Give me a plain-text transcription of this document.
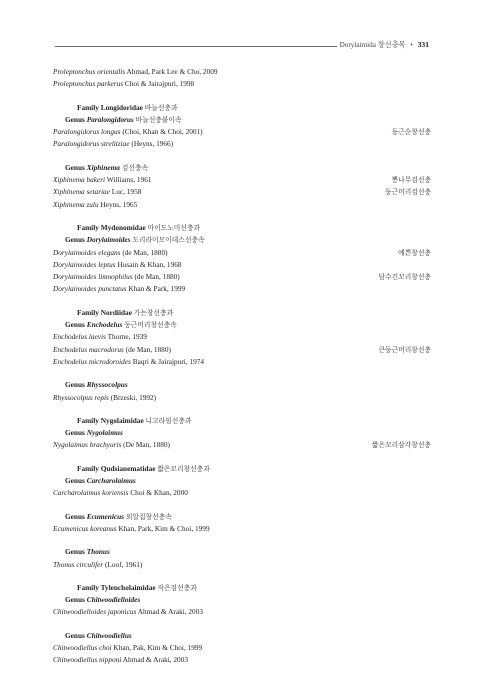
Dorylaimida 창선충목 • 331
Proleptonchus orientalis Ahmad, Park Lee & Cho, 2009
Proleptonchus parkerus Choi & Jairajpuri, 1998
Family Longidoridae 바늘선충과
Genus Paralongidorus 바늘선충붙이속
Paralongidorus longus (Choi, Khan & Choi, 2001)	둥근순창선충
Paralongidorus strelitziae (Heyns, 1966)
Genus Xiphinema 검선충속
Xiphinema bakeri Williams, 1961	뽕나무검선충
Xiphinema setariae Luc, 1958	둥근머리검선충
Xiphinema zulu Heyns, 1965
Family Mydonomidae 마이도노미선충과
Genus Dorylaimoides 도리라이모이데스선충속
Dorylaimoides elegans (de Man, 1880)	예쁜창선충
Dorylaimoides leptus Husain & Khan, 1968
Dorylaimoides limnophilus (de Man, 1880)	담수긴꼬리창선충
Dorylaimoides punctatus Khan & Park, 1999
Family Nordiidae 가는창선충과
Genus Enchodelus 둥근머리창선충속
Enchodelus laevis Thorne, 1939
Enchodelus macrodorus (de Man, 1880)	큰둥근머리창선충
Enchodelus microdoroides Baqri & Jairajpuri, 1974
Genus Rhyssocolpus
Rhyssocolpus repis (Brzeski, 1992)
Family Nygolaimidae 니고라임선충과
Genus Nygolaimus
Nygolaimus brachyuris (De Man, 1880)	짧은꼬리삼각창선충
Family Qudsianematidae 짧은꼬리창선충과
Genus Carcharolaimus
Carcharolaimus koriensis Choi & Khan, 2000
Genus Ecumenicus 외알집창선충속
Ecumenicus koreanus Khan, Park, Kim & Choi, 1999
Genus Thonus
Thonus circulifer (Loof, 1961)
Family Tylencholaimidae 작은검선충과
Genus Chitwoodielloides
Chitwoodielloides japonicus Ahmad & Araki, 2003
Genus Chitwoodiellus
Chitwoodiellus choi Khan, Pak, Kim & Choi, 1999
Chitwoodiellus nipponi Ahmad & Araki, 2003
